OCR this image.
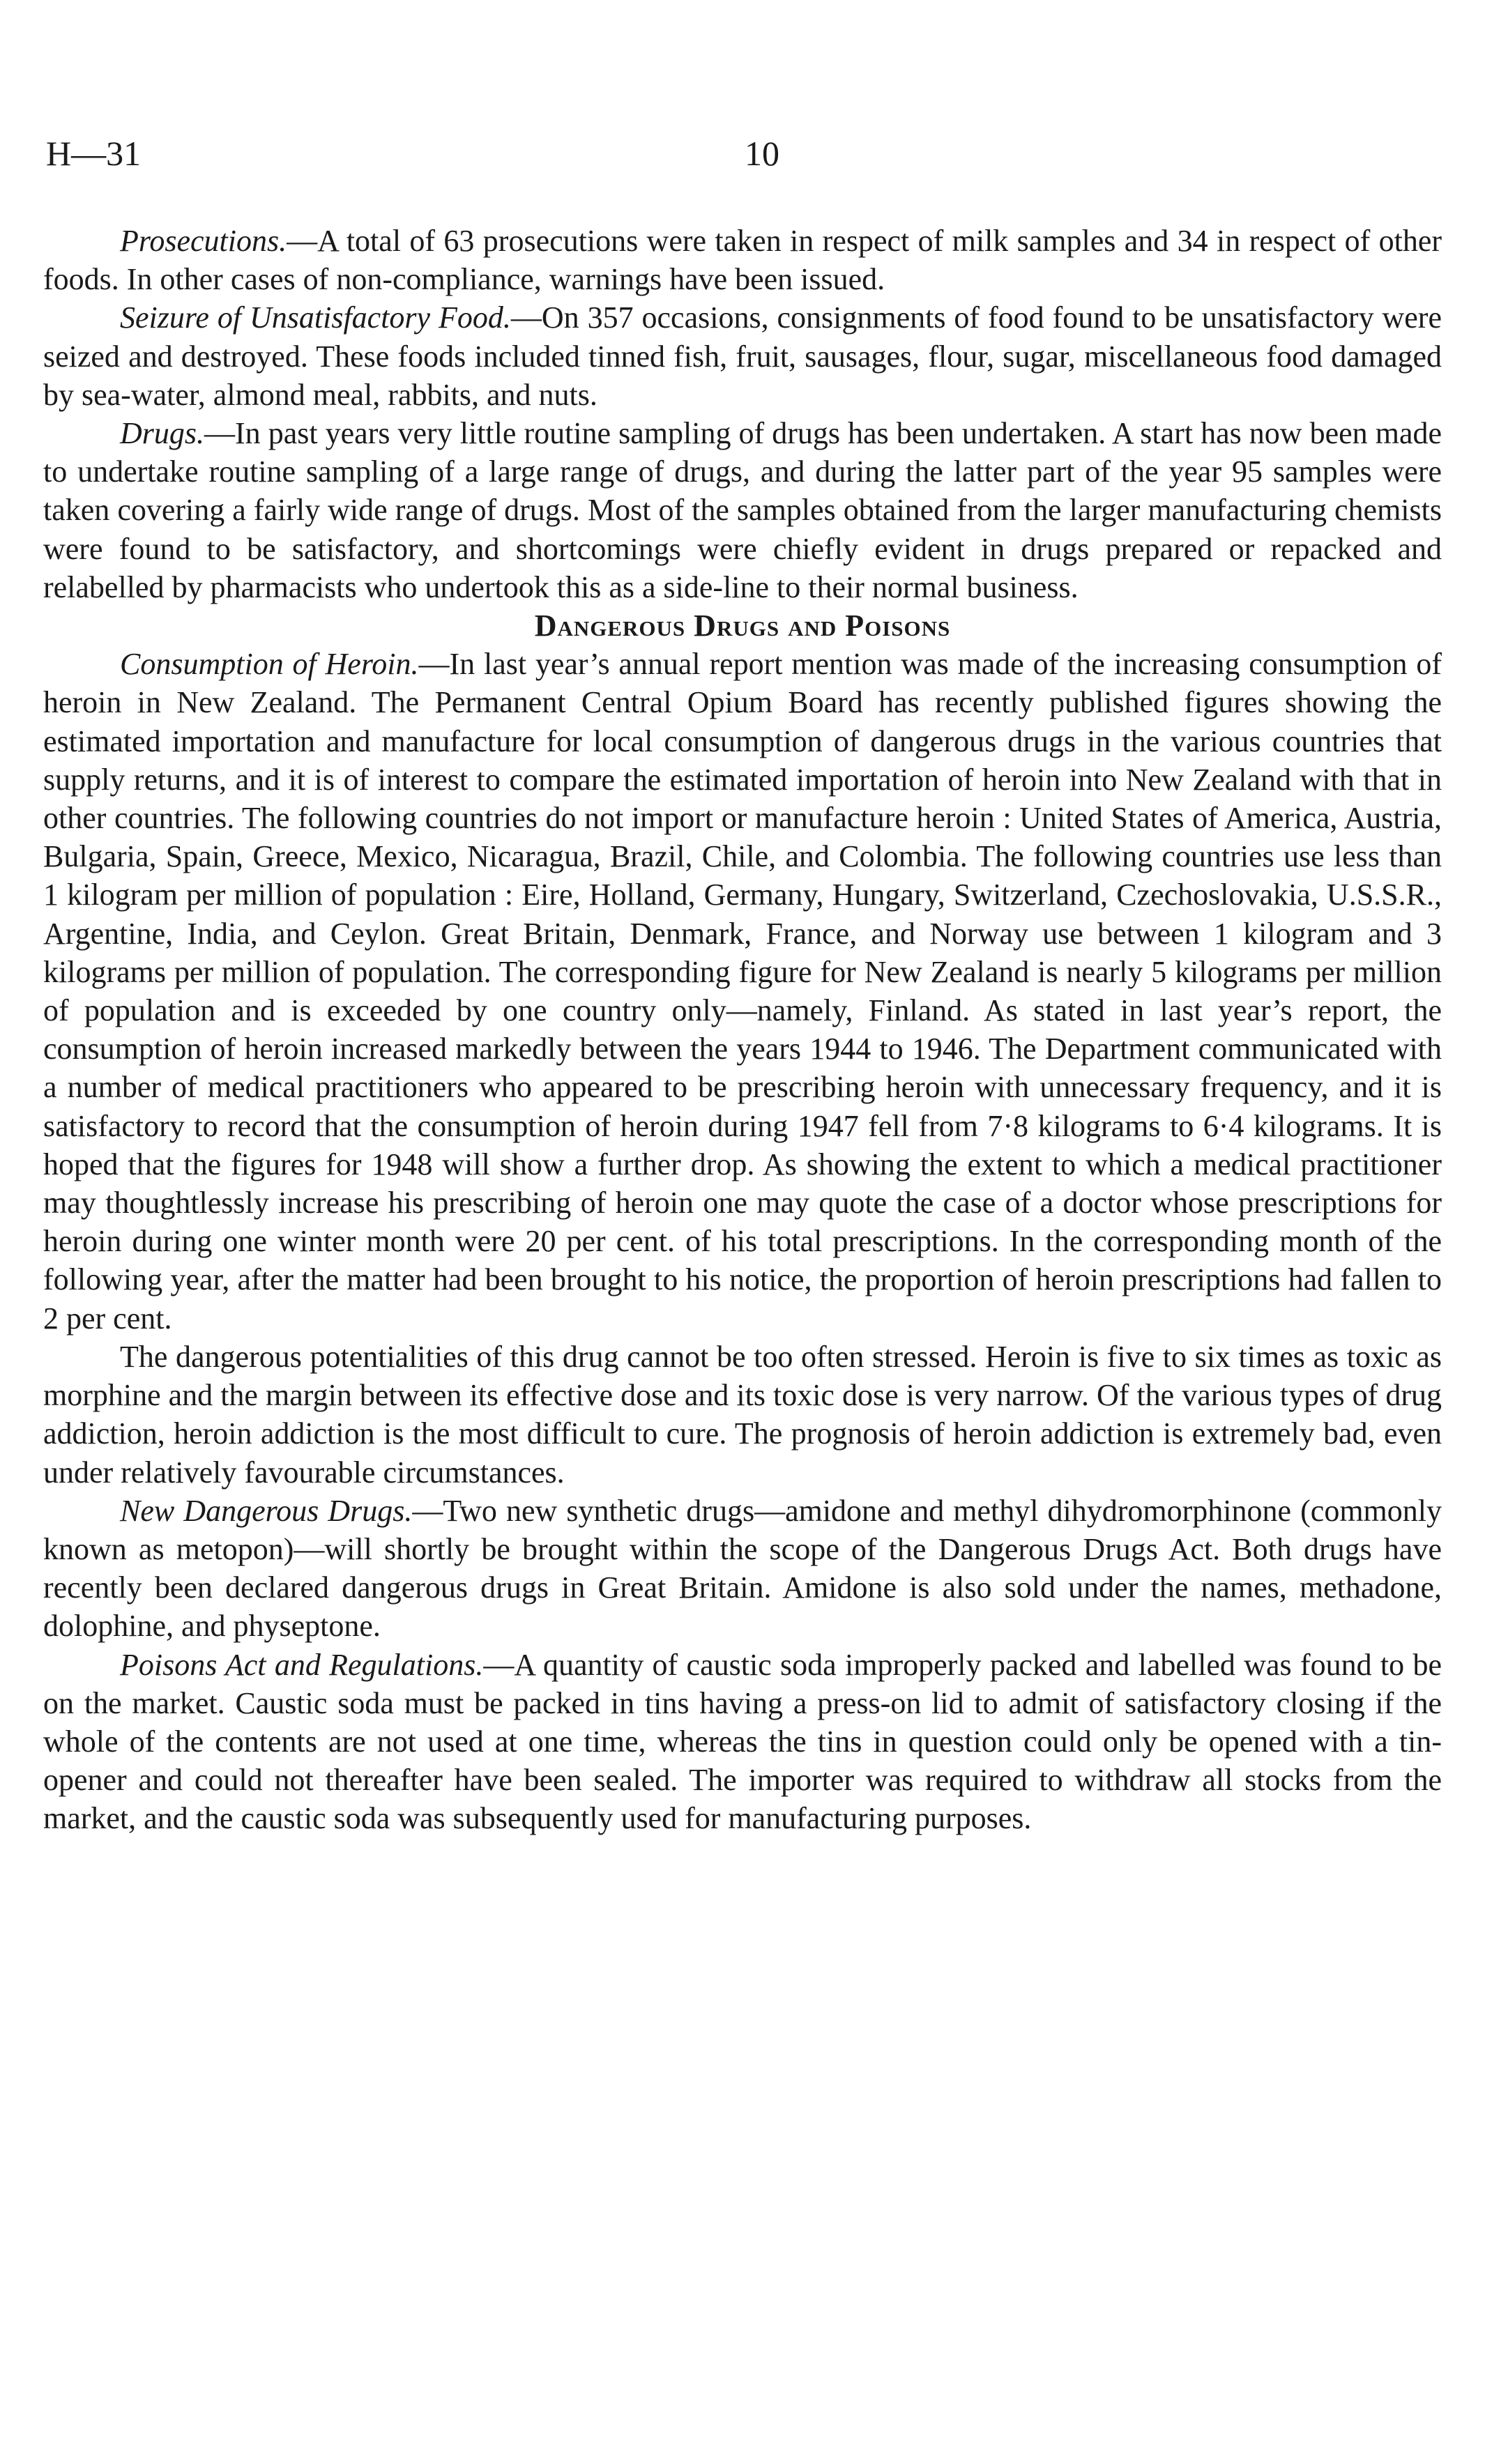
H—31	10

Prosecutions.—A total of 63 prosecutions were taken in respect of milk samples and 34 in respect of other foods. In other cases of non-compliance, warnings have been issued.

Seizure of Unsatisfactory Food.—On 357 occasions, consignments of food found to be unsatisfactory were seized and destroyed. These foods included tinned fish, fruit, sausages, flour, sugar, miscellaneous food damaged by sea-water, almond meal, rabbits, and nuts.

Drugs.—In past years very little routine sampling of drugs has been undertaken. A start has now been made to undertake routine sampling of a large range of drugs, and during the latter part of the year 95 samples were taken covering a fairly wide range of drugs. Most of the samples obtained from the larger manufacturing chemists were found to be satisfactory, and shortcomings were chiefly evident in drugs prepared or repacked and relabelled by pharmacists who undertook this as a side-line to their normal business.

Dangerous Drugs and Poisons

Consumption of Heroin.—In last year’s annual report mention was made of the increasing consumption of heroin in New Zealand. The Permanent Central Opium Board has recently published figures showing the estimated importation and manufacture for local consumption of dangerous drugs in the various countries that supply returns, and it is of interest to compare the estimated importation of heroin into New Zealand with that in other countries. The following countries do not import or manufacture heroin : United States of America, Austria, Bulgaria, Spain, Greece, Mexico, Nicaragua, Brazil, Chile, and Colombia. The following countries use less than 1 kilogram per million of population : Eire, Holland, Germany, Hungary, Switzerland, Czechoslovakia, U.S.S.R., Argentine, India, and Ceylon. Great Britain, Denmark, France, and Norway use between 1 kilogram and 3 kilograms per million of population. The corresponding figure for New Zealand is nearly 5 kilograms per million of population and is exceeded by one country only—namely, Finland. As stated in last year’s report, the consumption of heroin increased markedly between the years 1944 to 1946. The Department communicated with a number of medical practitioners who appeared to be prescribing heroin with unnecessary frequency, and it is satisfactory to record that the consumption of heroin during 1947 fell from 7·8 kilograms to 6·4 kilograms. It is hoped that the figures for 1948 will show a further drop. As showing the extent to which a medical practitioner may thoughtlessly increase his prescribing of heroin one may quote the case of a doctor whose prescriptions for heroin during one winter month were 20 per cent. of his total prescriptions. In the corresponding month of the following year, after the matter had been brought to his notice, the proportion of heroin prescriptions had fallen to 2 per cent.

The dangerous potentialities of this drug cannot be too often stressed. Heroin is five to six times as toxic as morphine and the margin between its effective dose and its toxic dose is very narrow. Of the various types of drug addiction, heroin addiction is the most difficult to cure. The prognosis of heroin addiction is extremely bad, even under relatively favourable circumstances.

New Dangerous Drugs.—Two new synthetic drugs—amidone and methyl dihydromorphinone (commonly known as metopon)—will shortly be brought within the scope of the Dangerous Drugs Act. Both drugs have recently been declared dangerous drugs in Great Britain. Amidone is also sold under the names, methadone, dolophine, and physeptone.

Poisons Act and Regulations.—A quantity of caustic soda improperly packed and labelled was found to be on the market. Caustic soda must be packed in tins having a press-on lid to admit of satisfactory closing if the whole of the contents are not used at one time, whereas the tins in question could only be opened with a tin-opener and could not thereafter have been sealed. The importer was required to withdraw all stocks from the market, and the caustic soda was subsequently used for manufacturing purposes.
